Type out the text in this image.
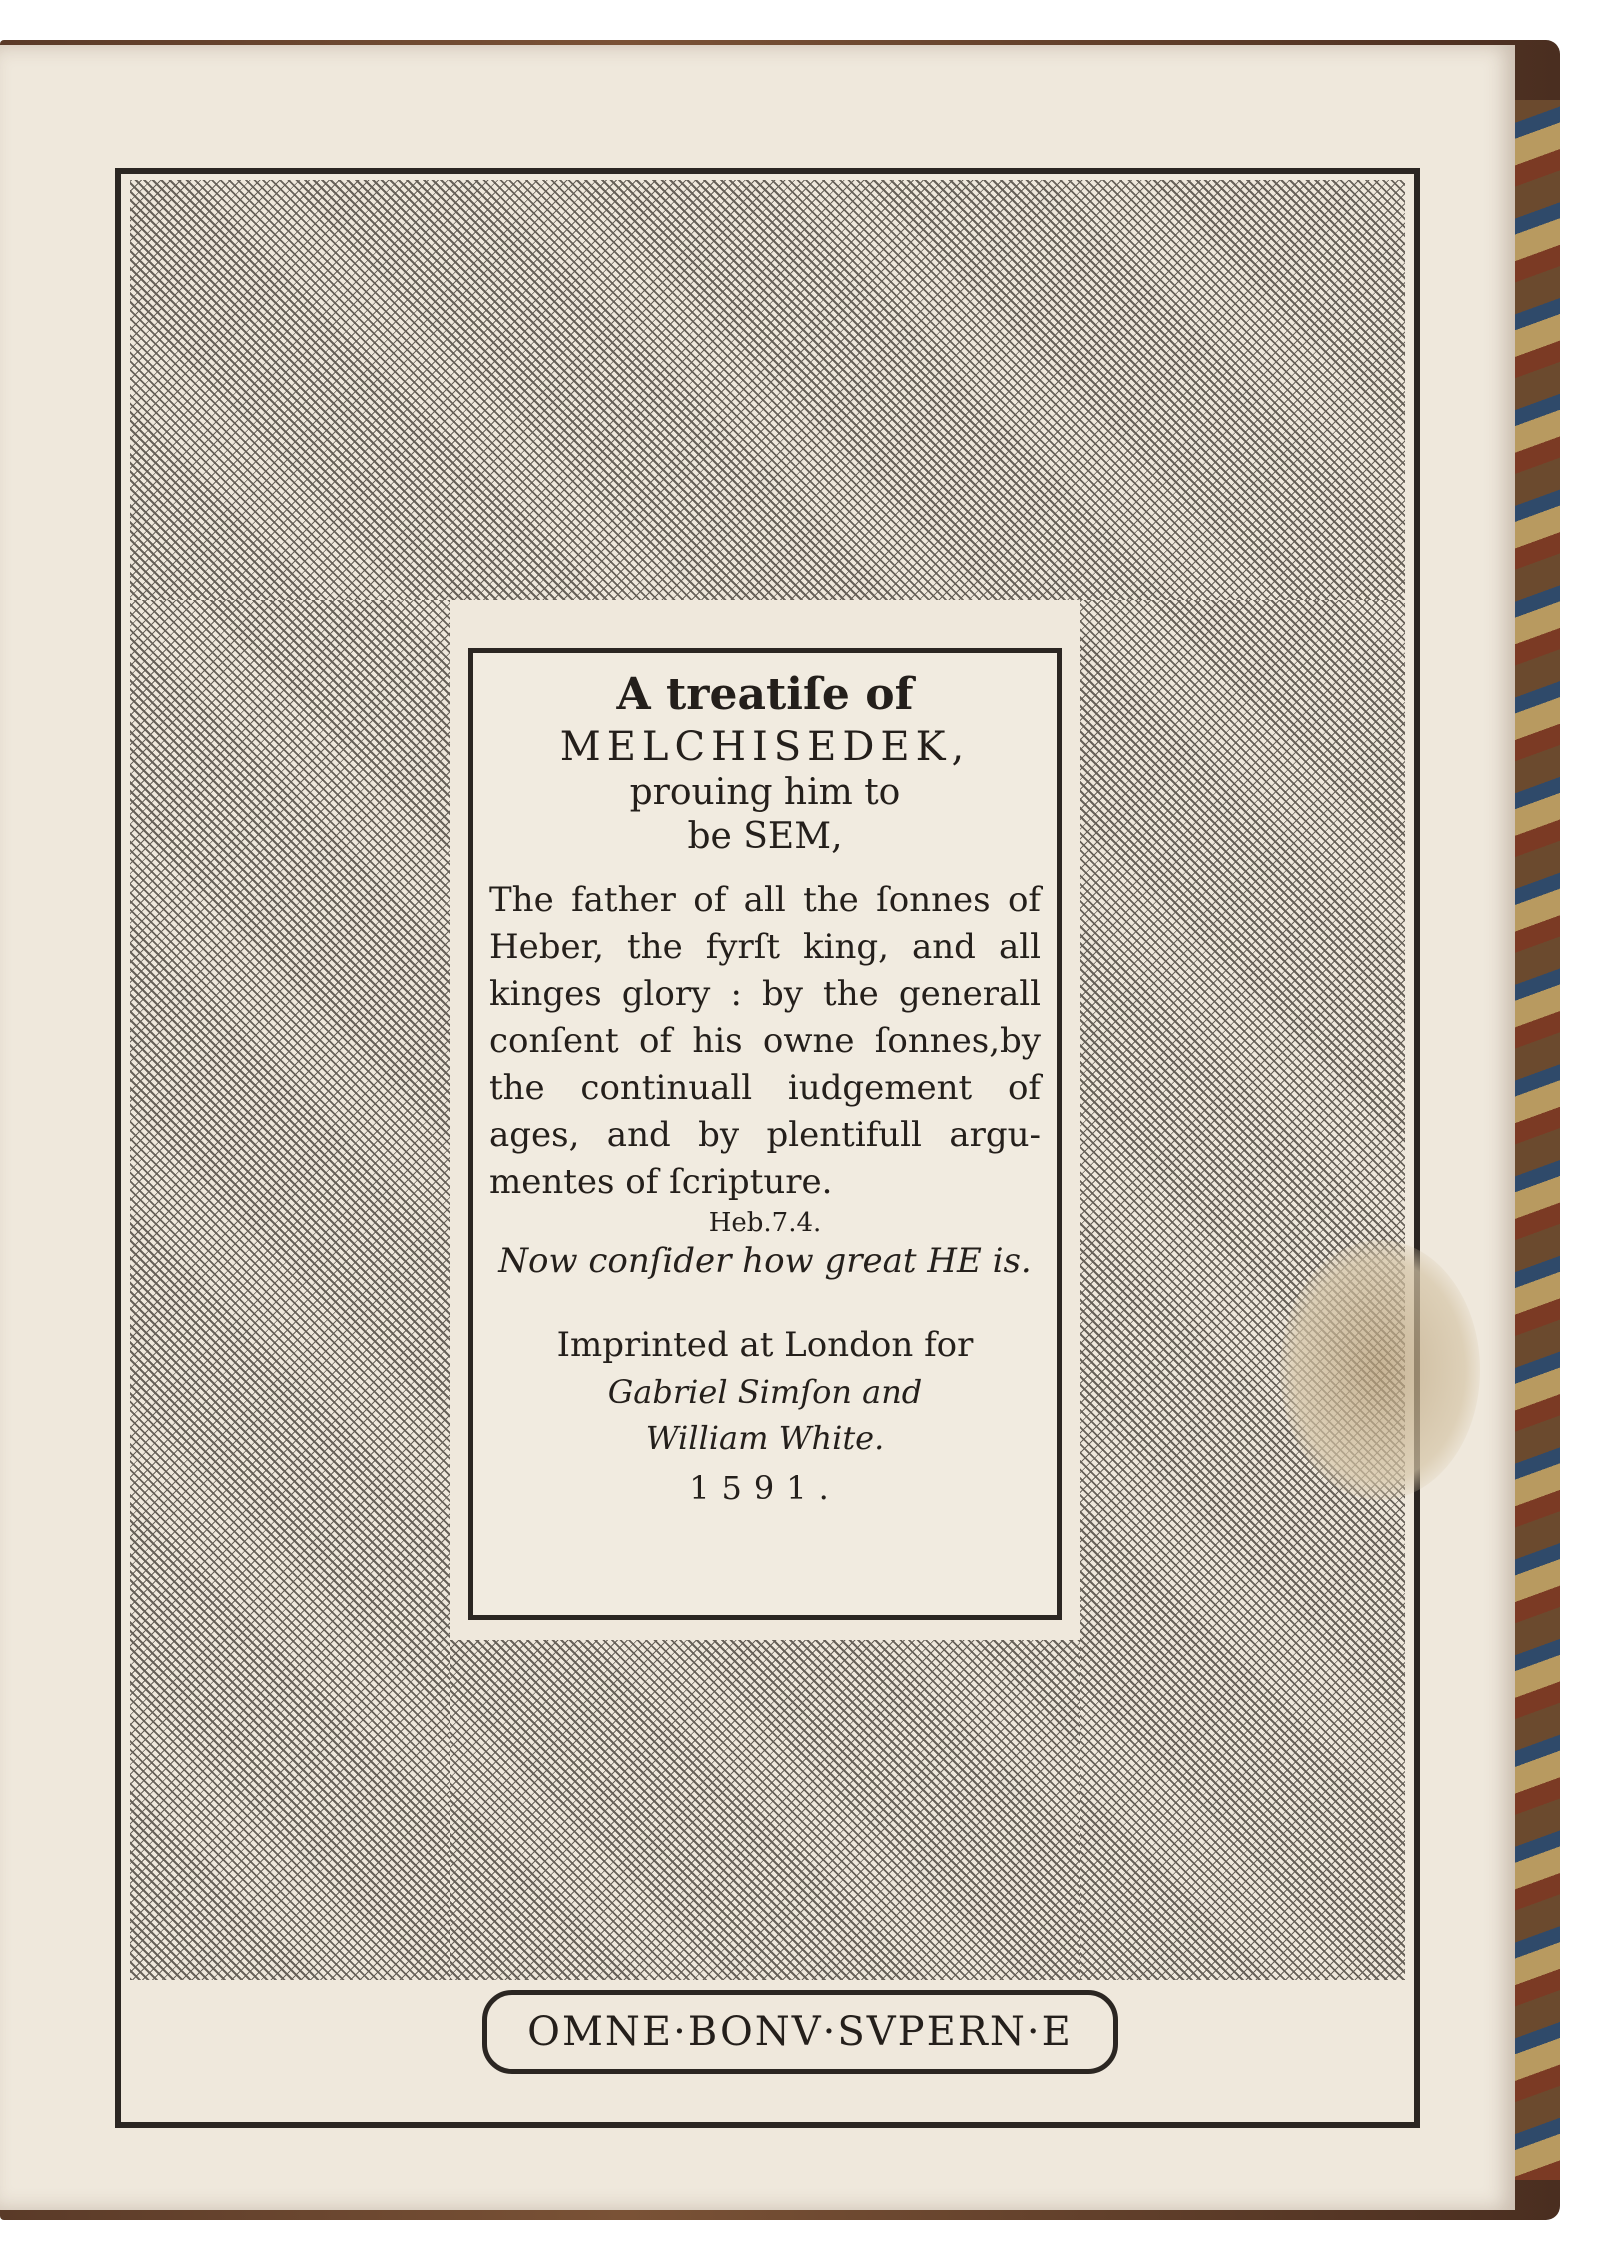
A treatiſe of
MELCHISEDEK,
prouing him to
be SEM,
The father of all the ſonnes of
Heber, the fyrſt king, and all
kinges glory : by the generall
conſent of his owne ſonnes,by
the continuall iudgement of
ages, and by plentifull argu-
mentes of ſcripture.
Heb.7.4.
Now conſider how great HE is.
Imprinted at London for
Gabriel Simſon and
William White.
1591.
OMNE·BONV·SVPERN·E
